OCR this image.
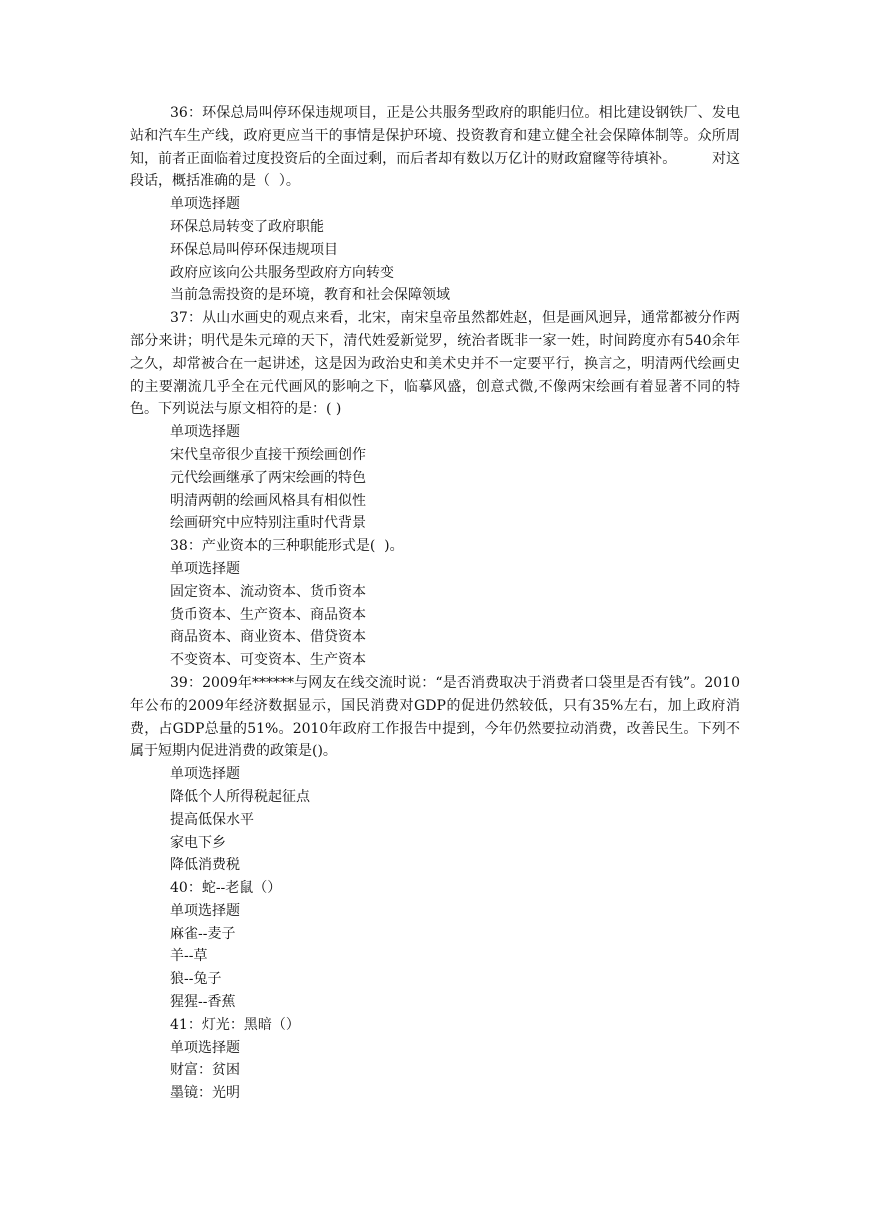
36：环保总局叫停环保违规项目，正是公共服务型政府的职能归位。相比建设钢铁厂、发电站和汽车生产线，政府更应当干的事情是保护环境、投资教育和建立健全社会保障体制等。众所周知，前者正面临着过度投资后的全面过剩，而后者却有数以万亿计的财政窟窿等待填补。        对这段话，概括准确的是（  ）。

单项选择题

环保总局转变了政府职能

环保总局叫停环保违规项目

政府应该向公共服务型政府方向转变

当前急需投资的是环境，教育和社会保障领域

37：从山水画史的观点来看，北宋，南宋皇帝虽然都姓赵，但是画风迥异，通常都被分作两部分来讲；明代是朱元璋的天下，清代姓爱新觉罗，统治者既非一家一姓，时间跨度亦有540余年之久，却常被合在一起讲述，这是因为政治史和美术史并不一定要平行，换言之，明清两代绘画史的主要潮流几乎全在元代画风的影响之下，临摹风盛，创意式微,不像两宋绘画有着显著不同的特色。下列说法与原文相符的是：( )

单项选择题

宋代皇帝很少直接干预绘画创作

元代绘画继承了两宋绘画的特色

明清两朝的绘画风格具有相似性

绘画研究中应特别注重时代背景

38：产业资本的三种职能形式是(  )。

单项选择题

固定资本、流动资本、货币资本

货币资本、生产资本、商品资本

商品资本、商业资本、借贷资本

不变资本、可变资本、生产资本

39：2009年******与网友在线交流时说：“是否消费取决于消费者口袋里是否有钱”。2010年公布的2009年经济数据显示，国民消费对GDP的促进仍然较低，只有35%左右，加上政府消费，占GDP总量的51%。2010年政府工作报告中提到，今年仍然要拉动消费，改善民生。下列不属于短期内促进消费的政策是()。

单项选择题

降低个人所得税起征点

提高低保水平

家电下乡

降低消费税

40：蛇--老鼠（）

单项选择题

麻雀--麦子

羊--草

狼--兔子

猩猩--香蕉

41：灯光：黑暗（）

单项选择题

财富：贫困

墨镜：光明
